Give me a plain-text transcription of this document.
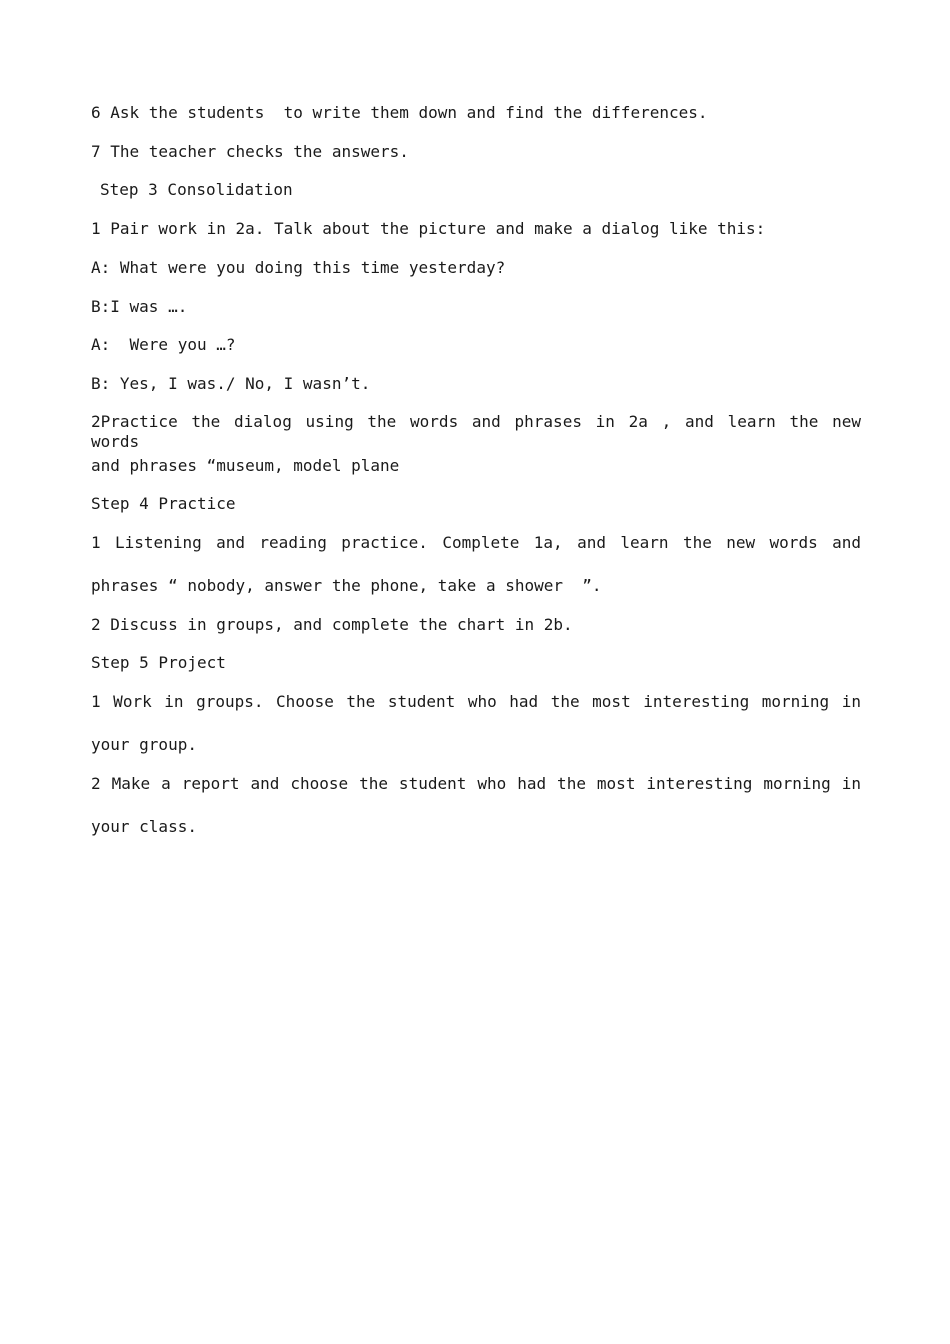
6 Ask the students  to write them down and find the differences.
7 The teacher checks the answers.
Step 3 Consolidation
1 Pair work in 2a. Talk about the picture and make a dialog like this:
A: What were you doing this time yesterday?
B:I was ….
A:  Were you …?
B: Yes, I was./ No, I wasn’t.
2Practice the dialog using the words and phrases in 2a , and learn the new words
and phrases “museum, model plane
Step 4 Practice
1 Listening and reading practice. Complete 1a, and learn the new words and
phrases “ nobody, answer the phone, take a shower  ”.
2 Discuss in groups, and complete the chart in 2b.
Step 5 Project
1 Work in groups. Choose the student who had the most interesting morning in
your group.
2 Make a report and choose the student who had the most interesting morning in
your class.
